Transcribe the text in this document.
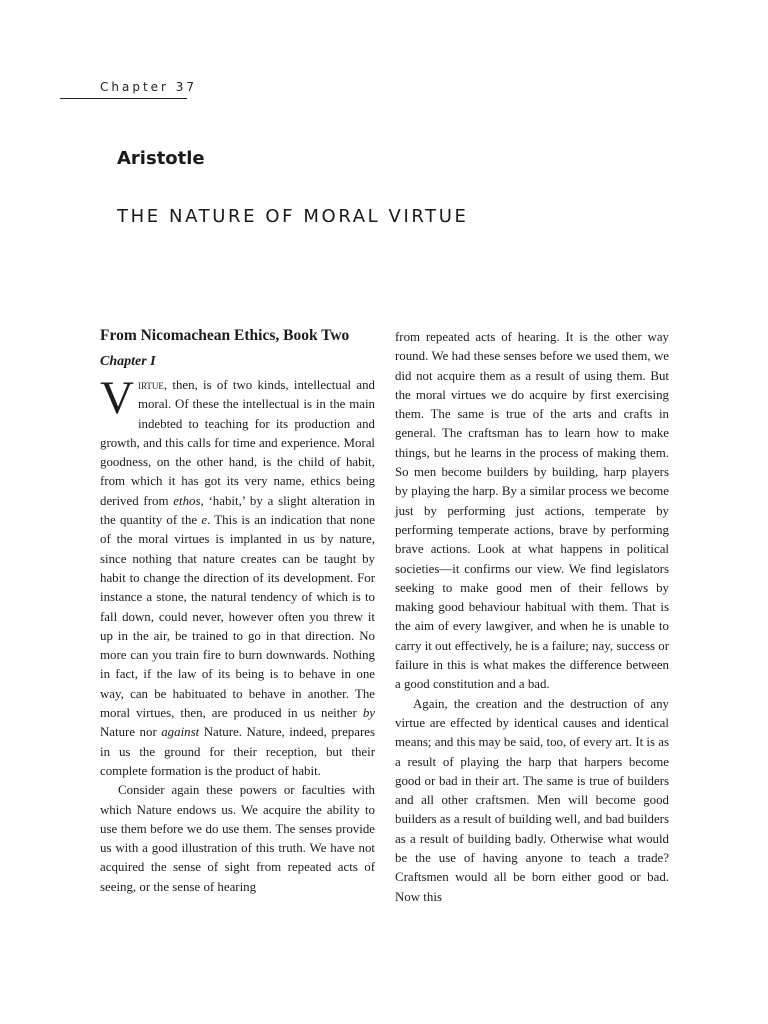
Chapter 37
Aristotle
THE NATURE OF MORAL VIRTUE

From Nicomachean Ethics, Book Two

Chapter I

Virtue, then, is of two kinds, intellectual and moral. Of these the intellectual is in the main indebted to teaching for its production and growth, and this calls for time and experience. Moral goodness, on the other hand, is the child of habit, from which it has got its very name, ethics being derived from ethos, ‘habit,’ by a slight alteration in the quantity of the e. This is an indication that none of the moral virtues is implanted in us by nature, since nothing that nature creates can be taught by habit to change the direction of its development. For instance a stone, the natural tendency of which is to fall down, could never, however often you threw it up in the air, be trained to go in that direction. No more can you train fire to burn downwards. Nothing in fact, if the law of its being is to behave in one way, can be habituated to behave in another. The moral virtues, then, are produced in us neither by Nature nor against Nature. Nature, indeed, prepares in us the ground for their reception, but their complete formation is the product of habit.

Consider again these powers or faculties with which Nature endows us. We acquire the ability to use them before we do use them. The senses provide us with a good illustration of this truth. We have not acquired the sense of sight from repeated acts of seeing, or the sense of hearing

from repeated acts of hearing. It is the other way round. We had these senses before we used them, we did not acquire them as a result of using them. But the moral virtues we do acquire by first exercising them. The same is true of the arts and crafts in general. The craftsman has to learn how to make things, but he learns in the process of making them. So men become builders by building, harp players by playing the harp. By a similar process we become just by performing just actions, temperate by performing temperate actions, brave by performing brave actions. Look at what happens in political societies—it confirms our view. We find legislators seeking to make good men of their fellows by making good behaviour habitual with them. That is the aim of every lawgiver, and when he is unable to carry it out effectively, he is a failure; nay, success or failure in this is what makes the difference between a good constitution and a bad.

Again, the creation and the destruction of any virtue are effected by identical causes and identical means; and this may be said, too, of every art. It is as a result of playing the harp that harpers become good or bad in their art. The same is true of builders and all other craftsmen. Men will become good builders as a result of building well, and bad builders as a result of building badly. Otherwise what would be the use of having anyone to teach a trade? Craftsmen would all be born either good or bad. Now this
